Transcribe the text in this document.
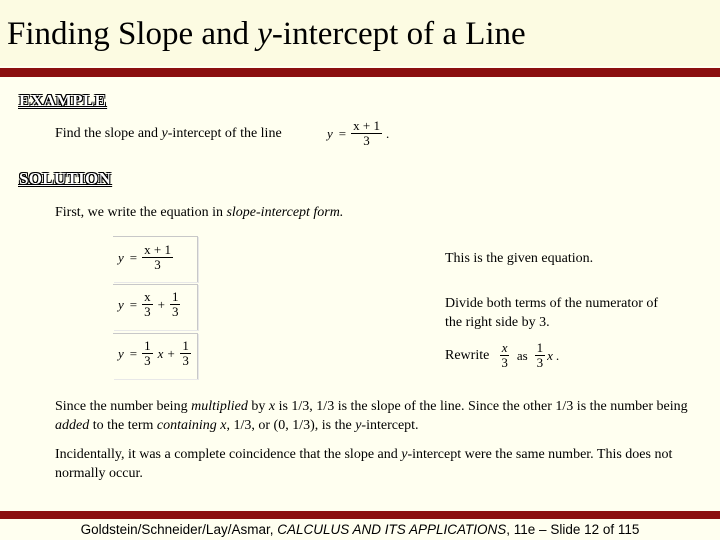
Finding Slope and y-intercept of a Line
EXAMPLE
Find the slope and y-intercept of the line	$y = \frac{x + 1}{3}$ .
SOLUTION
First, we write the equation in slope-intercept form.
$y = \frac{x + 1}{3}$	This is the given equation.
$y = \frac{x}{3} + \frac{1}{3}$	Divide both terms of the numerator of
the right side by 3.
$y = \frac{1}{3}$ $x + \frac{1}{3}$	Rewrite $\frac{x}{3}$ as $\frac{1}{3}$ x .
Since the number being multiplied by x is 1/3, 1/3 is the slope of the line. Since the other 1/3 is the number being added to the term containing x, 1/3, or (0, 1/3), is the y-intercept.
Incidentally, it was a complete coincidence that the slope and y-intercept were the same number. This does not normally occur.
Goldstein/Schneider/Lay/Asmar, CALCULUS AND ITS APPLICATIONS, 11e – Slide 12 of 115
